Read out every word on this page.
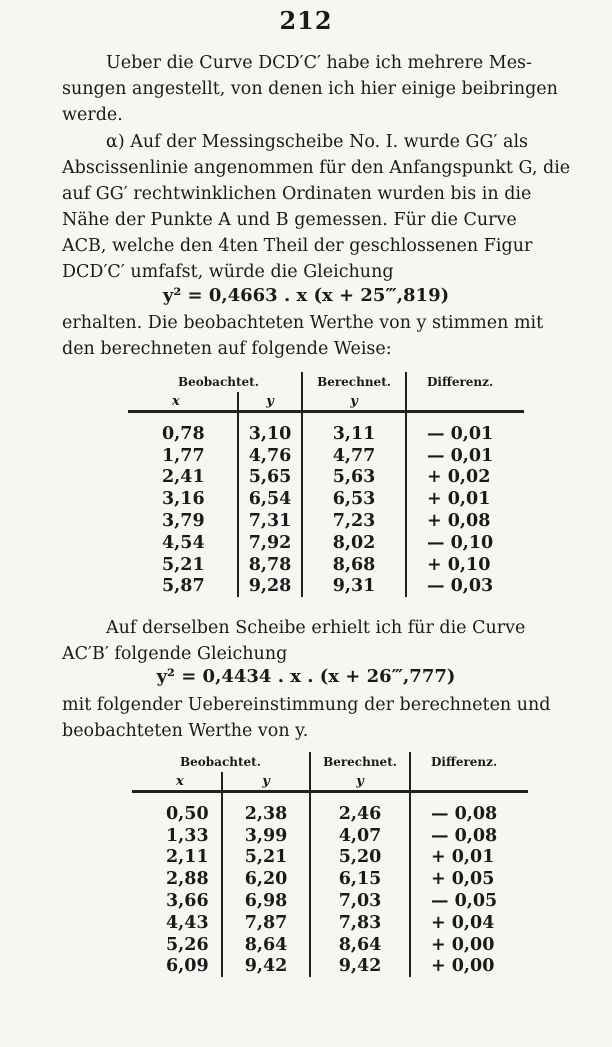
212
Ueber die Curve DCD′C′ habe ich mehrere Mes-
sungen angestellt, von denen ich hier einige beibringen
werde.
α) Auf der Messingscheibe No. I. wurde GG′ als
Abscissenlinie angenommen für den Anfangspunkt G, die
auf GG′ rechtwinklichen Ordinaten wurden bis in die
Nähe der Punkte A und B gemessen. Für die Curve
ACB, welche den 4ten Theil der geschlossenen Figur
DCD′C′ umfafst, würde die Gleichung
y² = 0,4663 . x (x + 25‴,819)
erhalten. Die beobachteten Werthe von y stimmen mit
den berechneten auf folgende Weise:
Beobachtet.		Berechnet.	Differenz.
x	y	y	
0,78	3,10	3,11	— 0,01
1,77	4,76	4,77	— 0,01
2,41	5,65	5,63	+ 0,02
3,16	6,54	6,53	+ 0,01
3,79	7,31	7,23	+ 0,08
4,54	7,92	8,02	— 0,10
5,21	8,78	8,68	+ 0,10
5,87	9,28	9,31	— 0,03
Auf derselben Scheibe erhielt ich für die Curve
AC′B′ folgende Gleichung
y² = 0,4434 . x . (x + 26‴,777)
mit folgender Uebereinstimmung der berechneten und
beobachteten Werthe von y.
Beobachtet.		Berechnet.	Differenz.
x	y	y	
0,50	2,38	2,46	— 0,08
1,33	3,99	4,07	— 0,08
2,11	5,21	5,20	+ 0,01
2,88	6,20	6,15	+ 0,05
3,66	6,98	7,03	— 0,05
4,43	7,87	7,83	+ 0,04
5,26	8,64	8,64	+ 0,00
6,09	9,42	9,42	+ 0,00
